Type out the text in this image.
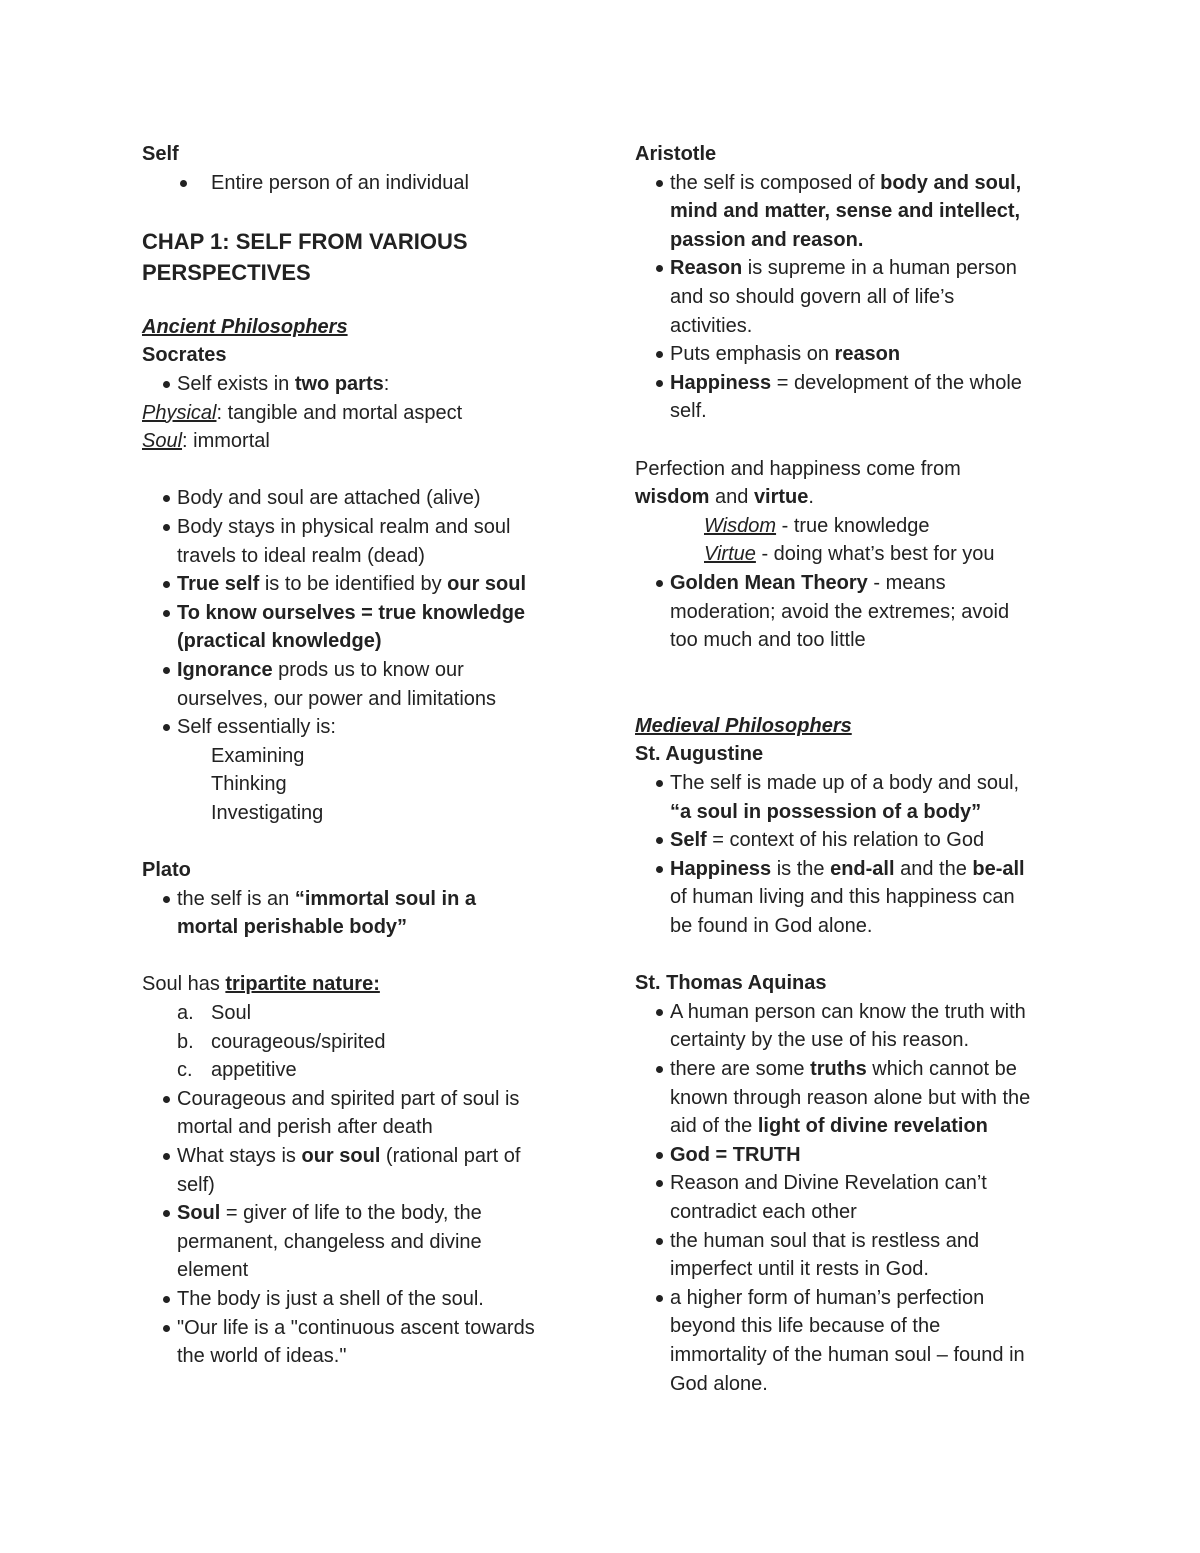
Self

Entire person of an individual

CHAP 1: SELF FROM VARIOUS

PERSPECTIVES

Ancient Philosophers

Socrates

Self exists in two parts:

Physical: tangible and mortal aspect

Soul: immortal

Body and soul are attached (alive)

Body stays in physical realm and soul

travels to ideal realm (dead)

True self is to be identified by our soul

To know ourselves = true knowledge

(practical knowledge)

Ignorance prods us to know our

ourselves, our power and limitations

Self essentially is:

Examining

Thinking

Investigating

Plato

the self is an “immortal soul in a

mortal perishable body”

Soul has tripartite nature:

a. Soul

b. courageous/spirited

c. appetitive

Courageous and spirited part of soul is

mortal and perish after death

What stays is our soul (rational part of

self)

Soul = giver of life to the body, the

permanent, changeless and divine

element

The body is just a shell of the soul.

"Our life is a "continuous ascent towards

the world of ideas."

Aristotle

the self is composed of body and soul,

mind and matter, sense and intellect,

passion and reason.

Reason is supreme in a human person

and so should govern all of life’s

activities.

Puts emphasis on reason

Happiness = development of the whole

self.

Perfection and happiness come from

wisdom and virtue.

Wisdom - true knowledge

Virtue - doing what’s best for you

Golden Mean Theory - means

moderation; avoid the extremes; avoid

too much and too little

Medieval Philosophers

St. Augustine

The self is made up of a body and soul,

“a soul in possession of a body”

Self = context of his relation to God

Happiness is the end-all and the be-all

of human living and this happiness can

be found in God alone.

St. Thomas Aquinas

A human person can know the truth with

certainty by the use of his reason.

there are some truths which cannot be

known through reason alone but with the

aid of the light of divine revelation

God = TRUTH

Reason and Divine Revelation can’t

contradict each other

the human soul that is restless and

imperfect until it rests in God.

a higher form of human’s perfection

beyond this life because of the

immortality of the human soul – found in

God alone.
